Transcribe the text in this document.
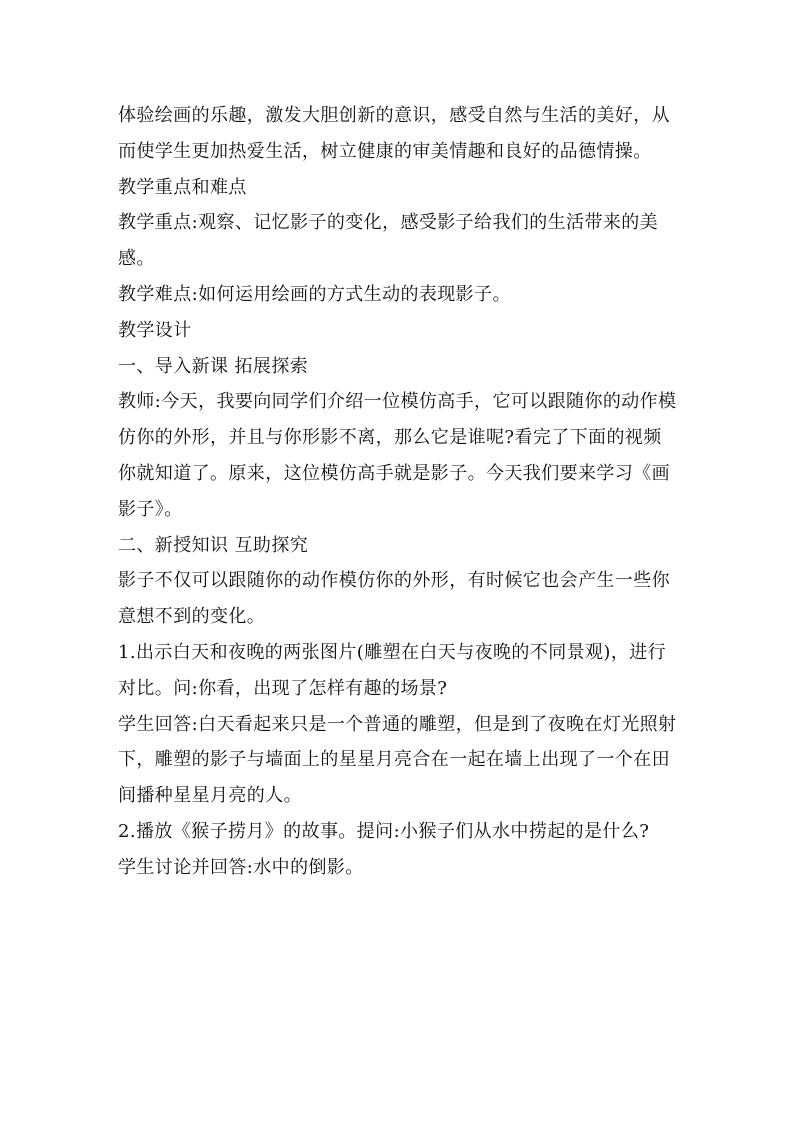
体验绘画的乐趣，激发大胆创新的意识，感受自然与生活的美好，从而使学生更加热爱生活，树立健康的审美情趣和良好的品德情操。

教学重点和难点

教学重点:观察、记忆影子的变化，感受影子给我们的生活带来的美感。

教学难点:如何运用绘画的方式生动的表现影子。

教学设计

一、导入新课 拓展探索

教师:今天，我要向同学们介绍一位模仿高手，它可以跟随你的动作模仿你的外形，并且与你形影不离，那么它是谁呢?看完了下面的视频你就知道了。原来，这位模仿高手就是影子。今天我们要来学习《画影子》。

二、新授知识 互助探究

影子不仅可以跟随你的动作模仿你的外形，有时候它也会产生一些你意想不到的变化。

1.出示白天和夜晚的两张图片(雕塑在白天与夜晚的不同景观)，进行对比。问:你看，出现了怎样有趣的场景?

学生回答:白天看起来只是一个普通的雕塑，但是到了夜晚在灯光照射下，雕塑的影子与墙面上的星星月亮合在一起在墙上出现了一个在田间播种星星月亮的人。

2.播放《猴子捞月》的故事。提问:小猴子们从水中捞起的是什么?

学生讨论并回答:水中的倒影。
